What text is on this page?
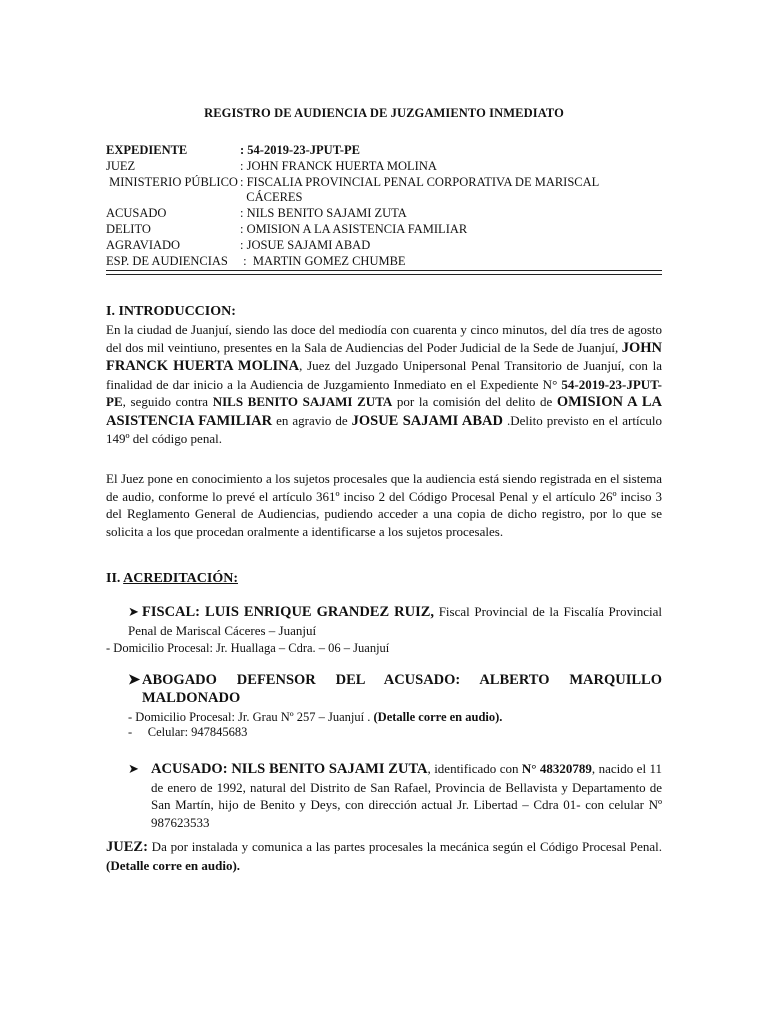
REGISTRO DE AUDIENCIA DE JUZGAMIENTO INMEDIATO
EXPEDIENTE	: 54-2019-23-JPUT-PE
JUEZ	: JOHN FRANCK HUERTA MOLINA
MINISTERIO PÚBLICO : FISCALIA PROVINCIAL PENAL CORPORATIVA DE MARISCAL
CÁCERES
ACUSADO	: NILS BENITO SAJAMI ZUTA
DELITO	: OMISION A LA ASISTENCIA FAMILIAR
AGRAVIADO	: JOSUE SAJAMI ABAD
ESP. DE AUDIENCIAS :  MARTIN GOMEZ CHUMBE
I. INTRODUCCION:
En la ciudad de Juanjuí, siendo las doce del mediodía con cuarenta y cinco minutos, del día tres de agosto del dos mil veintiuno, presentes en la Sala de Audiencias del Poder Judicial de la Sede de Juanjuí, JOHN FRANCK HUERTA MOLINA, Juez del Juzgado Unipersonal Penal Transitorio de Juanjuí, con la finalidad de dar inicio a la Audiencia de Juzgamiento Inmediato en el Expediente N° 54-2019-23-JPUT-PE, seguido contra NILS BENITO SAJAMI ZUTA por la comisión del delito de OMISION A LA ASISTENCIA FAMILIAR en agravio de JOSUE SAJAMI ABAD .Delito previsto en el artículo 149º del código penal.
El Juez pone en conocimiento a los sujetos procesales que la audiencia está siendo registrada en el sistema de audio, conforme lo prevé el artículo 361º inciso 2 del Código Procesal Penal y el artículo 26º inciso 3 del Reglamento General de Audiencias, pudiendo acceder a una copia de dicho registro, por lo que se solicita a los que procedan oralmente a identificarse a los sujetos procesales.
II. ACREDITACIÓN:
➤ FISCAL: LUIS ENRIQUE GRANDEZ RUIZ, Fiscal Provincial de la Fiscalía Provincial Penal de Mariscal Cáceres – Juanjuí
- Domicilio Procesal: Jr. Huallaga – Cdra. – 06 – Juanjuí
➤ ABOGADO DEFENSOR DEL ACUSADO: ALBERTO MARQUILLO
MALDONADO
- Domicilio Procesal: Jr. Grau Nº 257 – Juanjuí . (Detalle corre en audio).
-     Celular: 947845683
➤ ACUSADO: NILS BENITO SAJAMI ZUTA, identificado con N° 48320789, nacido el 11 de enero de 1992, natural del Distrito de San Rafael, Provincia de Bellavista y Departamento de San Martín, hijo de Benito y Deys, con dirección actual Jr. Libertad – Cdra 01- con celular Nº 987623533
JUEZ: Da por instalada y comunica a las partes procesales la mecánica según el Código Procesal Penal. (Detalle corre en audio).
